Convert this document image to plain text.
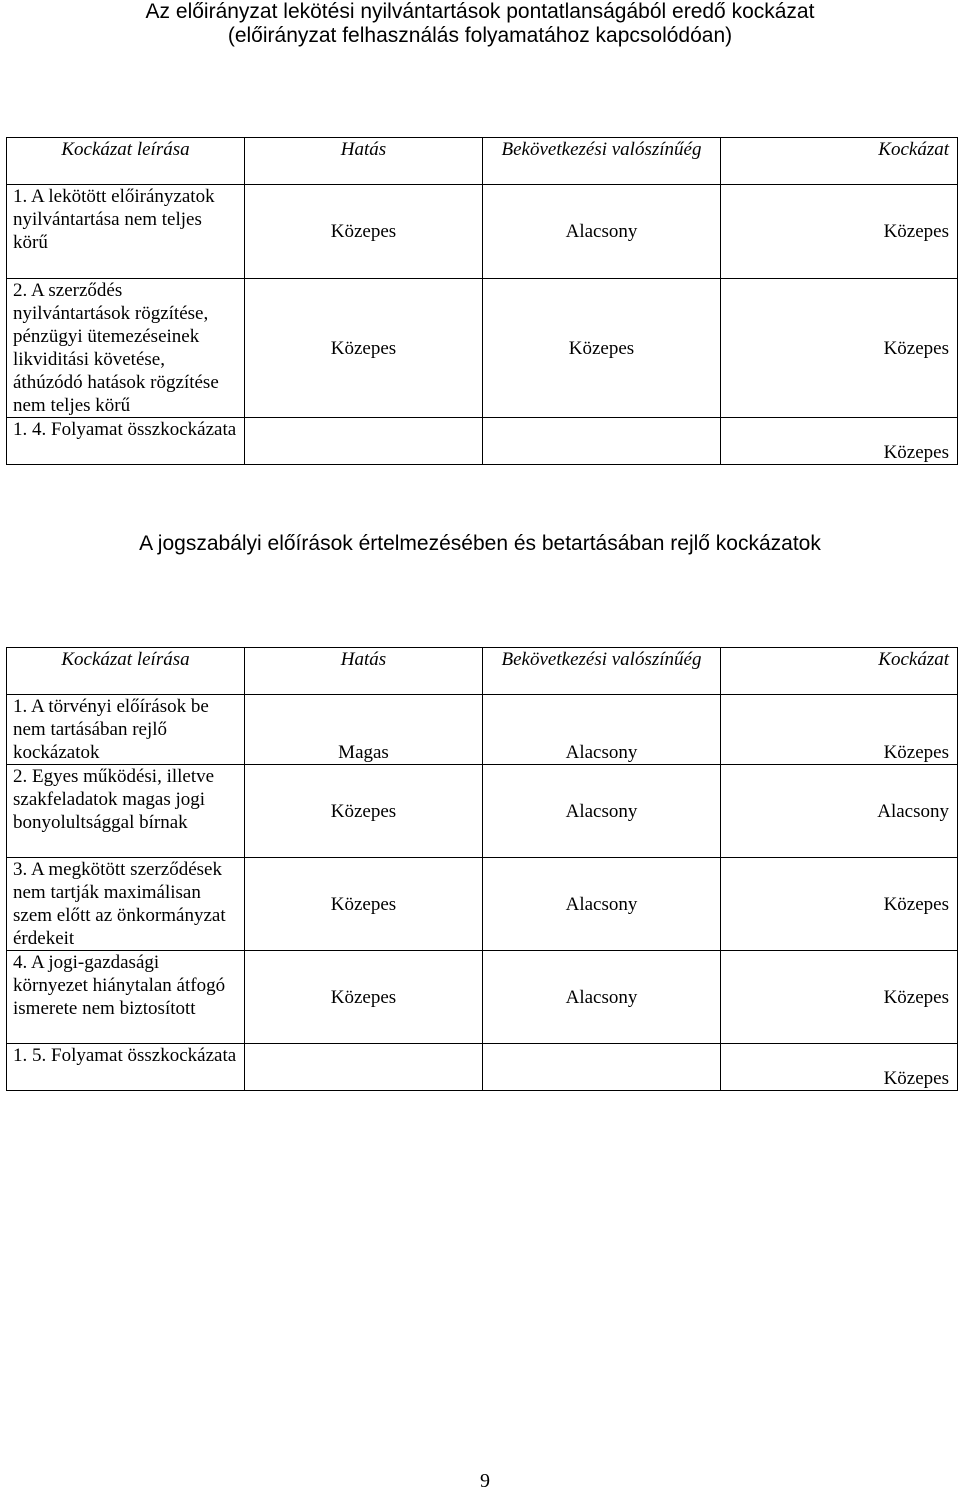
Az előirányzat lekötési nyilvántartások pontatlanságából eredő kockázat
(előirányzat felhasználás folyamatához kapcsolódóan)
Kockázat leírása	Hatás	Bekövetkezési valószínűég	Kockázat
1. A lekötött előirányzatok nyilvántartása nem teljes körű	Közepes	Alacsony	Közepes
2. A szerződés nyilvántartások rögzítése, pénzügyi ütemezéseinek likviditási követése, áthúzódó hatások rögzítése nem teljes körű	Közepes	Közepes	Közepes
1. 4. Folyamat összkockázata			Közepes
A jogszabályi előírások értelmezésében és betartásában rejlő kockázatok
Kockázat leírása	Hatás	Bekövetkezési valószínűég	Kockázat
1. A törvényi előírások be nem tartásában rejlő kockázatok	Magas	Alacsony	Közepes
2. Egyes működési, illetve szakfeladatok magas jogi bonyolultsággal bírnak	Közepes	Alacsony	Alacsony
3. A megkötött szerződések nem tartják maximálisan szem előtt az önkormányzat érdekeit	Közepes	Alacsony	Közepes
4. A jogi-gazdasági környezet hiánytalan átfogó ismerete nem biztosított	Közepes	Alacsony	Közepes
1. 5. Folyamat összkockázata			Közepes
9
